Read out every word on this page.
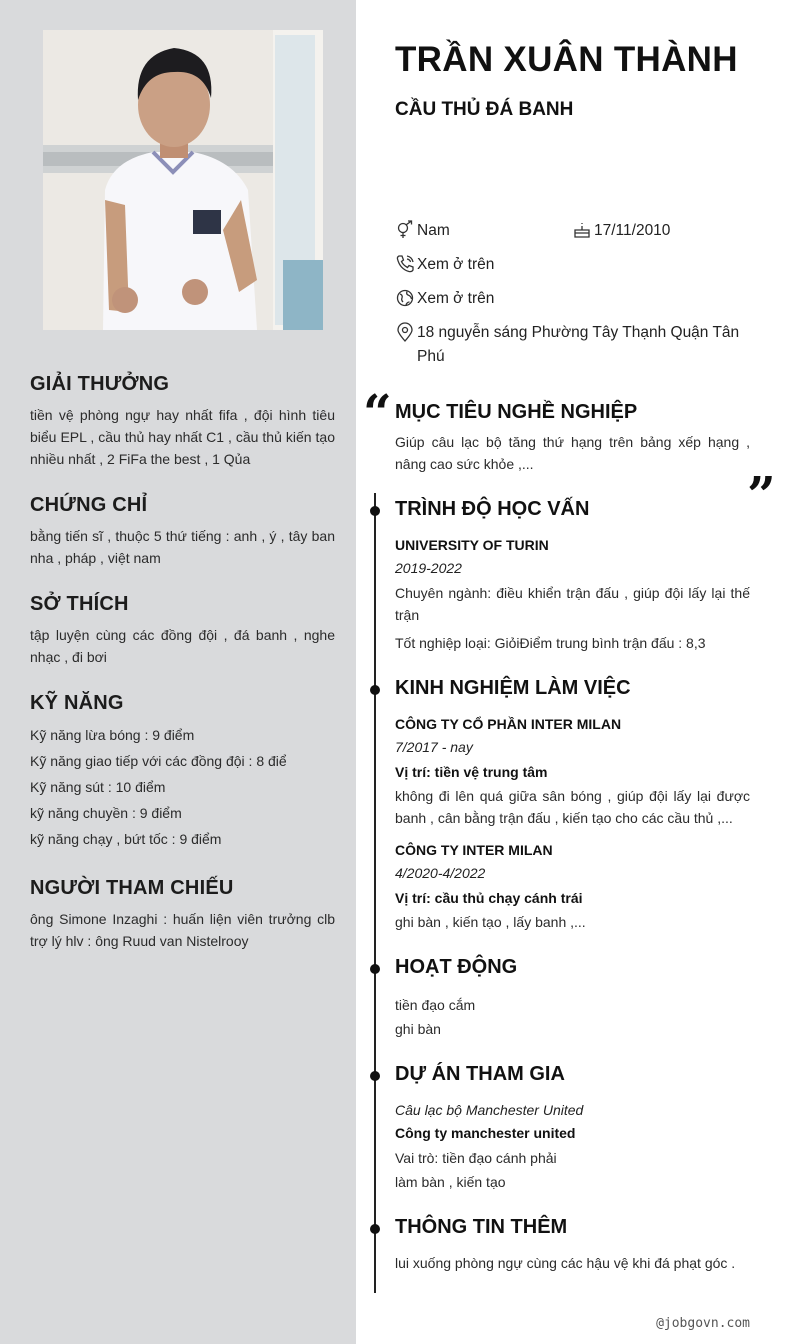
GIẢI THƯỞNG
tiền vệ phòng ngự hay nhất fifa , đội hình tiêu biểu EPL , cầu thủ hay nhất C1 , cầu thủ kiến tạo nhiều nhất , 2 FiFa the best , 1 Qủa
CHỨNG CHỈ
bằng tiến sĩ , thuộc 5 thứ tiếng : anh , ý , tây ban nha , pháp , việt nam
SỞ THÍCH
tập luyện cùng các đồng đội , đá banh , nghe nhạc , đi bơi
KỸ NĂNG
Kỹ năng lừa bóng : 9 điểm
Kỹ năng giao tiếp với các đồng đội : 8 điể
Kỹ năng sút : 10 điểm
kỹ năng chuyền : 9 điểm
kỹ năng chạy , bứt tốc : 9 điểm
NGƯỜI THAM CHIẾU
ông Simone Inzaghi : huấn liện viên trưởng clb trợ lý hlv : ông Ruud van Nistelrooy
TRẦN XUÂN THÀNH
CẦU THỦ ĐÁ BANH
Nam	17/11/2010
Xem ở trên
Xem ở trên
18 nguyễn sáng Phường Tây Thạnh Quận Tân Phú
“ MỤC TIÊU NGHỀ NGHIỆP
Giúp câu lạc bộ tăng thứ hạng trên bảng xếp hạng , nâng cao sức khỏe ,...
”
TRÌNH ĐỘ HỌC VẤN
UNIVERSITY OF TURIN
2019-2022
Chuyên ngành: điều khiển trận đấu , giúp đội lấy lại thế trận
Tốt nghiệp loại: GiỏiĐiểm trung bình trận đấu : 8,3
KINH NGHIỆM LÀM VIỆC
CÔNG TY CỔ PHẦN INTER MILAN
7/2017 - nay
Vị trí: tiền vệ trung tâm
không đi lên quá giữa sân bóng , giúp đội lấy lại được banh , cân bằng trận đấu , kiến tạo cho các cầu thủ ,...
CÔNG TY INTER MILAN
4/2020-4/2022
Vị trí: cầu thủ chạy cánh trái
ghi bàn , kiến tạo , lấy banh ,...
HOẠT ĐỘNG
tiền đạo cắm
ghi bàn
DỰ ÁN THAM GIA
Câu lạc bộ Manchester United
Công ty manchester united
Vai trò: tiền đạo cánh phải
làm bàn , kiến tạo
THÔNG TIN THÊM
lui xuống phòng ngự cùng các hậu vệ khi đá phạt góc .
@jobgovn.com
